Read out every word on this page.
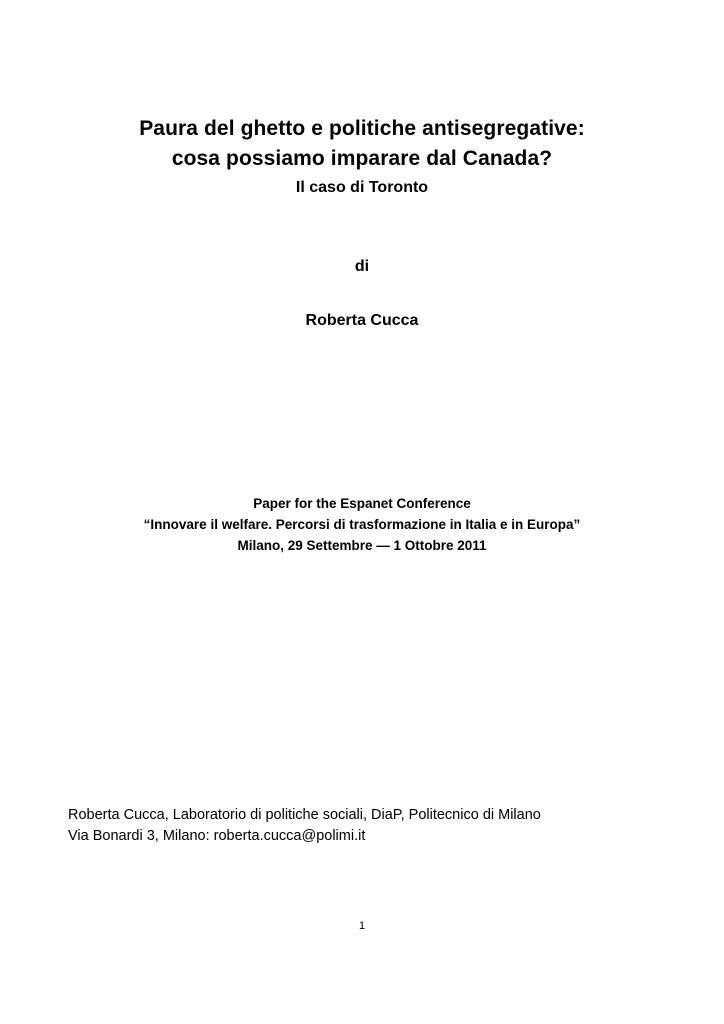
Paura del ghetto e politiche antisegregative:
cosa possiamo imparare dal Canada?
Il caso di Toronto
di
Roberta Cucca
Paper for the Espanet Conference
“Innovare il welfare. Percorsi di trasformazione in Italia e in Europa”
Milano, 29 Settembre — 1 Ottobre 2011
Roberta Cucca, Laboratorio di politiche sociali, DiaP, Politecnico di Milano
Via Bonardi 3, Milano: roberta.cucca@polimi.it
1
